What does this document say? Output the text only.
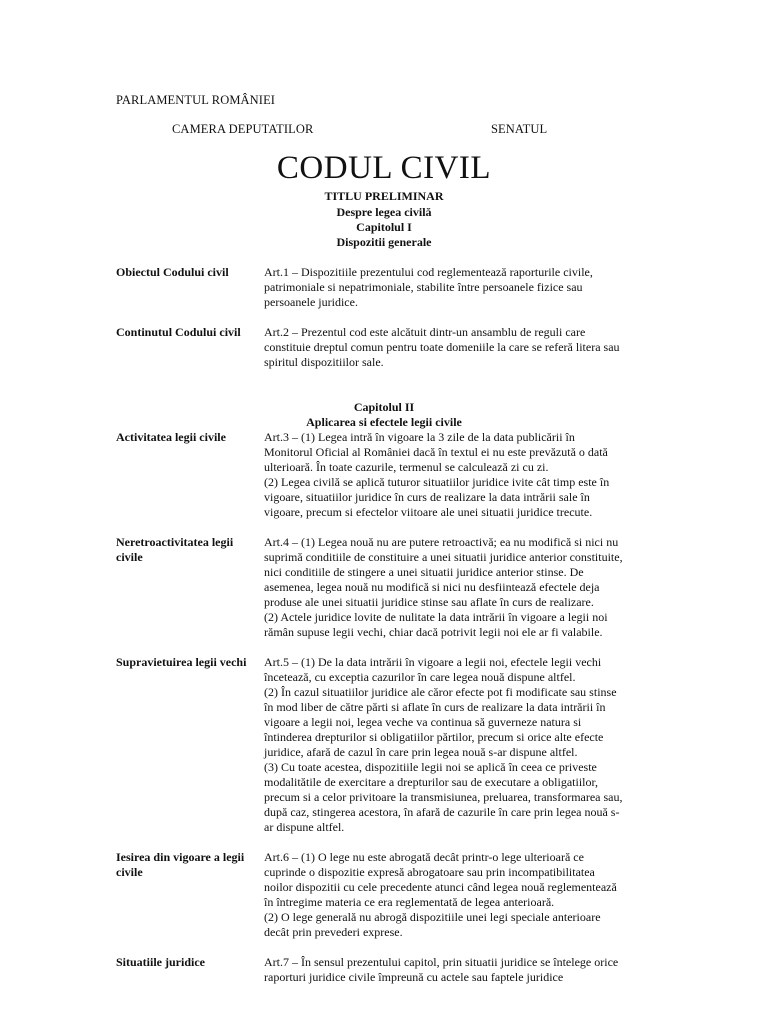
PARLAMENTUL ROMÂNIEI
CAMERA DEPUTATILOR	SENATUL
CODUL CIVIL
TITLU PRELIMINAR
Despre legea civilă
Capitolul I
Dispozitii generale
Obiectul Codului civil	Art.1 – Dispozitiile prezentului cod reglementează raporturile civile,
patrimoniale si nepatrimoniale, stabilite între persoanele fizice sau
persoanele juridice.
Continutul Codului civil Art.2 – Prezentul cod este alcătuit dintr-un ansamblu de reguli care
constituie dreptul comun pentru toate domeniile la care se referă litera sau
spiritul dispozitiilor sale.
Capitolul II
Aplicarea si efectele legii civile
Activitatea legii civile	Art.3 – (1) Legea intră în vigoare la 3 zile de la data publicării în
Monitorul Oficial al României dacă în textul ei nu este prevăzută o dată
ulterioară. În toate cazurile, termenul se calculează zi cu zi.
(2) Legea civilă se aplică tuturor situatiilor juridice ivite cât timp este în
vigoare, situatiilor juridice în curs de realizare la data intrării sale în
vigoare, precum si efectelor viitoare ale unei situatii juridice trecute.
Neretroactivitatea legii civile
Art.4 – (1) Legea nouă nu are putere retroactivă; ea nu modifică si nici nu
suprimă conditiile de constituire a unei situatii juridice anterior constituite,
nici conditiile de stingere a unei situatii juridice anterior stinse. De
asemenea, legea nouă nu modifică si nici nu desfiintează efectele deja
produse ale unei situatii juridice stinse sau aflate în curs de realizare.
(2) Actele juridice lovite de nulitate la data intrării în vigoare a legii noi
rămân supuse legii vechi, chiar dacă potrivit legii noi ele ar fi valabile.
Supravietuirea legii vechi	Art.5 – (1) De la data intrării în vigoare a legii noi, efectele legii vechi
încetează, cu exceptia cazurilor în care legea nouă dispune altfel.
(2) În cazul situatiilor juridice ale căror efecte pot fi modificate sau stinse
în mod liber de către părti si aflate în curs de realizare la data intrării în
vigoare a legii noi, legea veche va continua să guverneze natura si
întinderea drepturilor si obligatiilor părtilor, precum si orice alte efecte
juridice, afară de cazul în care prin legea nouă s-ar dispune altfel.
(3) Cu toate acestea, dispozitiile legii noi se aplică în ceea ce priveste
modalitătile de exercitare a drepturilor sau de executare a obligatiilor,
precum si a celor privitoare la transmisiunea, preluarea, transformarea sau,
după caz, stingerea acestora, în afară de cazurile în care prin legea nouă s-
ar dispune altfel.
Iesirea din vigoare a legii civile
Art.6 – (1) O lege nu este abrogată decât printr-o lege ulterioară ce
cuprinde o dispozitie expresă abrogatoare sau prin incompatibilitatea
noilor dispozitii cu cele precedente atunci când legea nouă reglementează
în întregime materia ce era reglementată de legea anterioară.
(2) O lege generală nu abrogă dispozitiile unei legi speciale anterioare
decât prin prevederi exprese.
Situatiile juridice	Art.7 – În sensul prezentului capitol, prin situatii juridice se întelege orice
raporturi juridice civile împreună cu actele sau faptele juridice
